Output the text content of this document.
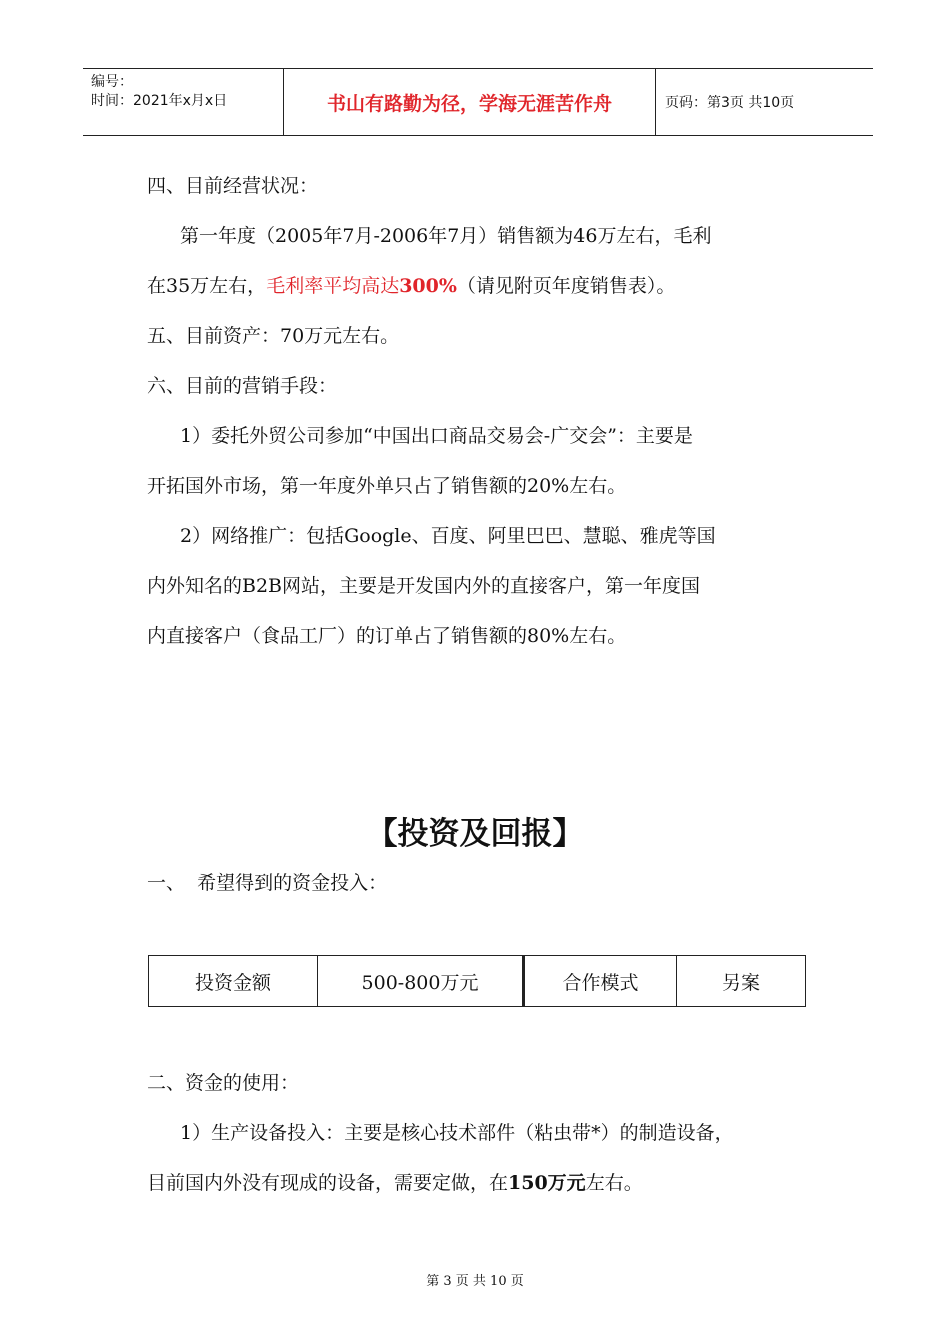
编号：
时间：2021年x月x日	书山有路勤为径，学海无涯苦作舟	页码：第3页 共10页
四、目前经营状况：
第一年度（2005年7月-2006年7月）销售额为46万左右，毛利
在35万左右，毛利率平均高达300%（请见附页年度销售表）。
五、目前资产：70万元左右。
六、目前的营销手段：
1）委托外贸公司参加“中国出口商品交易会-广交会”：主要是
开拓国外市场，第一年度外单只占了销售额的20%左右。
2）网络推广：包括Google、百度、阿里巴巴、慧聪、雅虎等国
内外知名的B2B网站，主要是开发国内外的直接客户，第一年度国
内直接客户（食品工厂）的订单占了销售额的80%左右。
【投资及回报】
一、  希望得到的资金投入：
投资金额	500-800万元	合作模式	另案
二、资金的使用：
1）生产设备投入：主要是核心技术部件（粘虫带*）的制造设备，
目前国内外没有现成的设备，需要定做，在150万元左右。
第 3 页 共 10 页
